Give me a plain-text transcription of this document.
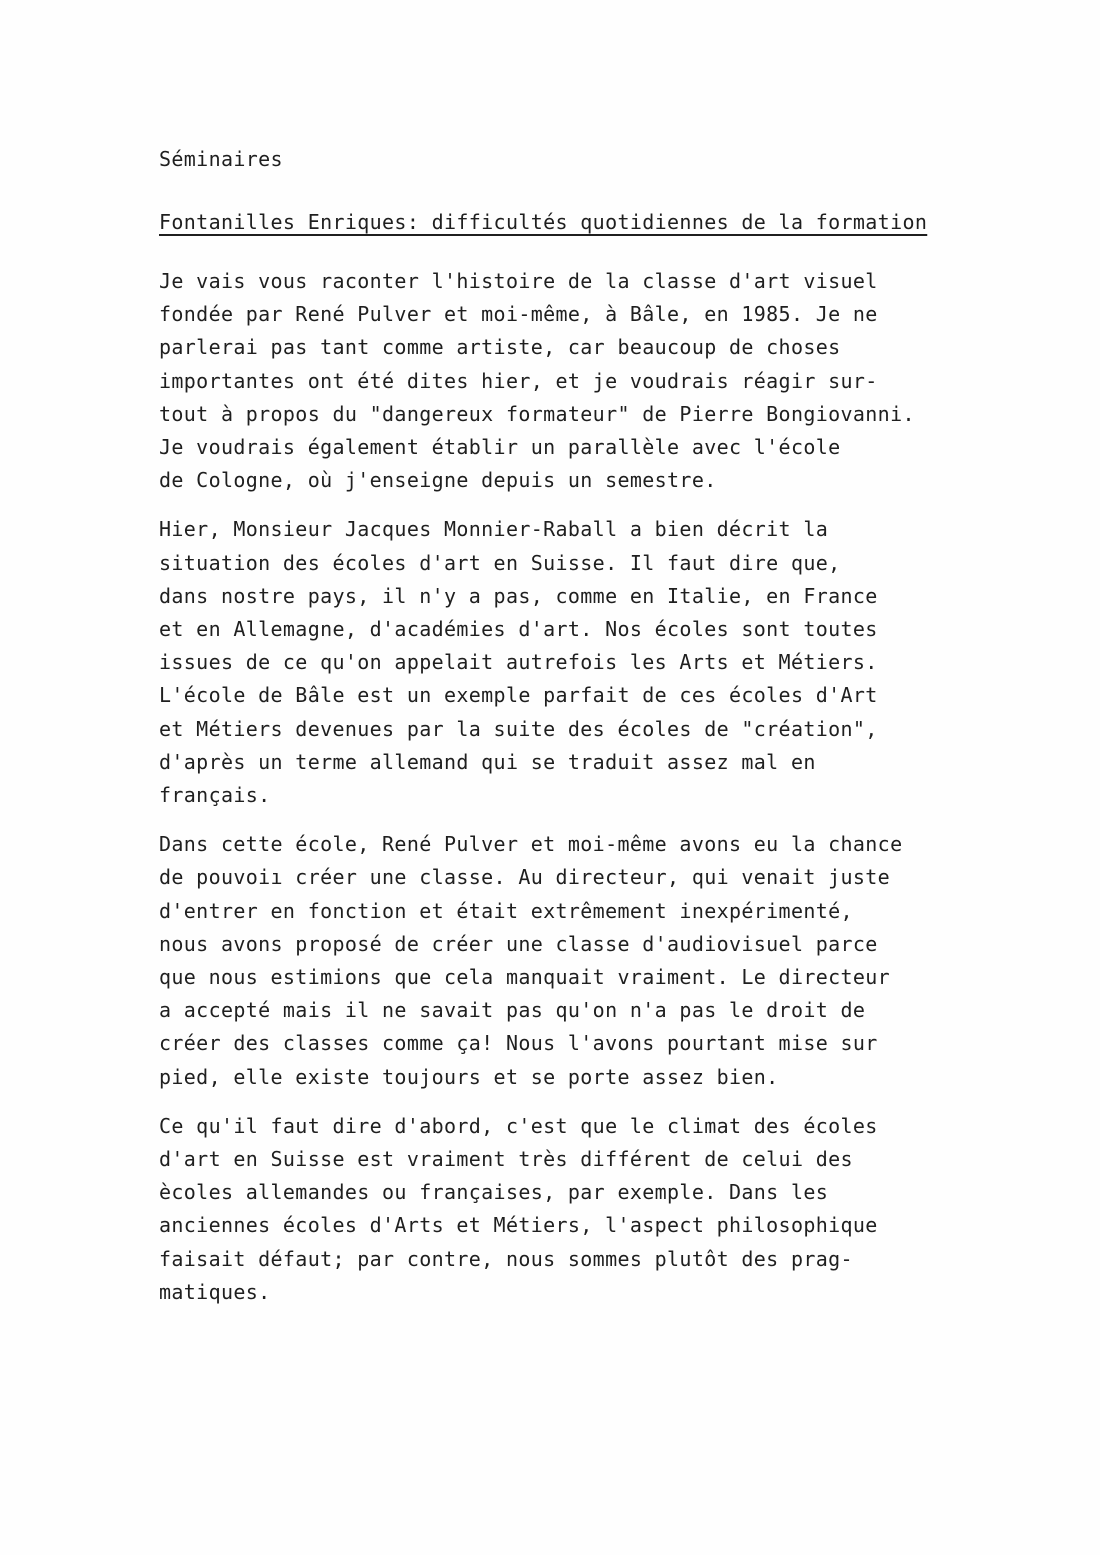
Séminaires
Fontanilles Enriques: difficultés quotidiennes de la formation
Je vais vous raconter l'histoire de la classe d'art visuel
fondée par René Pulver et moi-même, à Bâle, en 1985. Je ne
parlerai pas tant comme artiste, car beaucoup de choses
importantes ont été dites hier, et je voudrais réagir sur-
tout à propos du "dangereux formateur" de Pierre Bongiovanni.
Je voudrais également établir un parallèle avec l'école
de Cologne, où j'enseigne depuis un semestre.
Hier, Monsieur Jacques Monnier-Raball a bien décrit la
situation des écoles d'art en Suisse. Il faut dire que,
dans nostre pays, il n'y a pas, comme en Italie, en France
et en Allemagne, d'académies d'art. Nos écoles sont toutes
issues de ce qu'on appelait autrefois les Arts et Métiers.
L'école de Bâle est un exemple parfait de ces écoles d'Art
et Métiers devenues par la suite des écoles de "création",
d'après un terme allemand qui se traduit assez mal en
français.
Dans cette école, René Pulver et moi-même avons eu la chance
de pouvoiı créer une classe. Au directeur, qui venait juste
d'entrer en fonction et était extrêmement inexpérimenté,
nous avons proposé de créer une classe d'audiovisuel parce
que nous estimions que cela manquait vraiment. Le directeur
a accepté mais il ne savait pas qu'on n'a pas le droit de
créer des classes comme ça! Nous l'avons pourtant mise sur
pied, elle existe toujours et se porte assez bien.
Ce qu'il faut dire d'abord, c'est que le climat des écoles
d'art en Suisse est vraiment très différent de celui des
ècoles allemandes ou françaises, par exemple. Dans les
anciennes écoles d'Arts et Métiers, l'aspect philosophique
faisait défaut; par contre, nous sommes plutôt des prag-
matiques.
